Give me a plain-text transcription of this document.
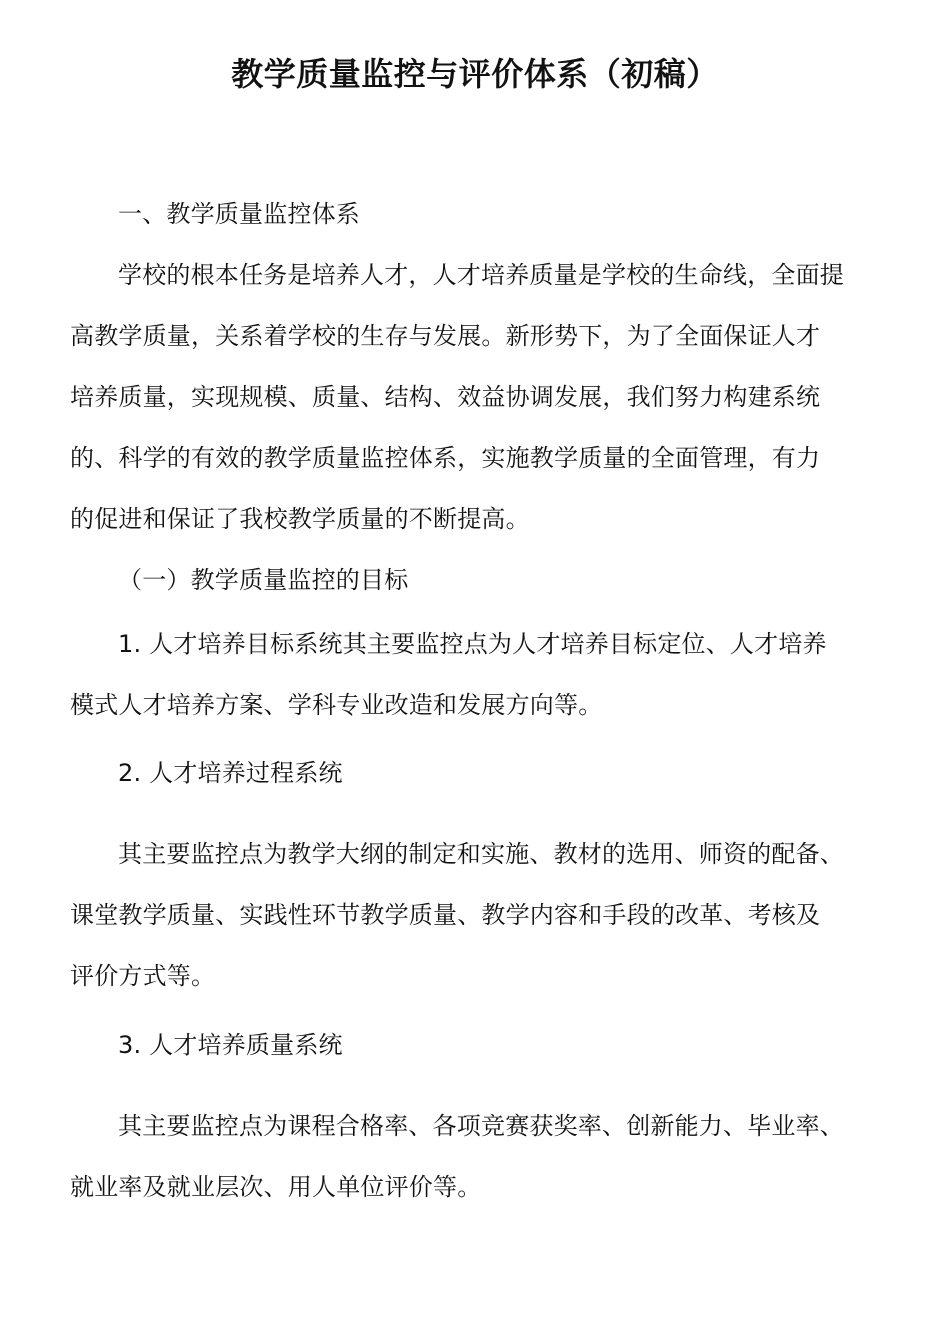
教学质量监控与评价体系（初稿）
一、教学质量监控体系
学校的根本任务是培养人才，人才培养质量是学校的生命线，全面提
高教学质量，关系着学校的生存与发展。新形势下，为了全面保证人才
培养质量，实现规模、质量、结构、效益协调发展，我们努力构建系统
的、科学的有效的教学质量监控体系，实施教学质量的全面管理，有力
的促进和保证了我校教学质量的不断提高。
（一）教学质量监控的目标
1. 人才培养目标系统其主要监控点为人才培养目标定位、人才培养
模式人才培养方案、学科专业改造和发展方向等。
2. 人才培养过程系统
其主要监控点为教学大纲的制定和实施、教材的选用、师资的配备、
课堂教学质量、实践性环节教学质量、教学内容和手段的改革、考核及
评价方式等。
3. 人才培养质量系统
其主要监控点为课程合格率、各项竞赛获奖率、创新能力、毕业率、
就业率及就业层次、用人单位评价等。
